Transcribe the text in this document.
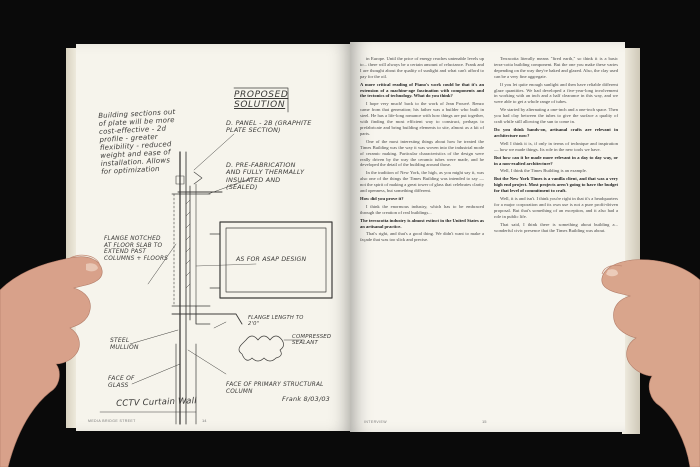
PROPOSED SOLUTION
Building sections out of plate will be more cost-effective - 2d profile - greater flexibility - reduced weight and ease of installation. Allows for optimization
D. PANEL - 2B (GRAPHITE PLATE SECTION)
D. PRE-FABRICATION AND FULLY THERMALLY INSULATED AND (SEALED)
FLANGE NOTCHED AT FLOOR SLAB TO EXTEND PAST COLUMNS + FLOORS	AS FOR ASAP DESIGN
FLANGE LENGTH TO 2'0"
COMPRESSED SEALANT
STEEL MULLION
FACE OF GLASS	FACE OF PRIMARY STRUCTURAL COLUMN
CCTV Curtain Wall	Frank 8/03/03
MEDIA BRIDGE STREET	14

in Europe. Until the price of energy reaches untenable levels up to... there will always be a certain amount of reluctance. Frank and I are thought about the quality of sunlight and what can't afford to pay for the oil.

A more critical reading of Piano's work could be that it's an extension of a machine-age fascination with components and the tectonics of technology. What do you think?

I hope very much! back to the work of Jean Prouvé. Renzo came from that generation; his father was a builder who built in steel. He has a life-long romance with how things are put together, with finding the most efficient way to construct, perhaps to prefabricate and bring building elements to site, almost as a kit of parts.

One of the most interesting things about how he treated the Times Building was the way it was woven into the industrial mode of ceramic making. Particular characteristics of the design were really driven by the way the ceramic tubes were made, and he developed the detail of the building around those.

In the tradition of New York, the high, as you might say it, was also one of the things the Times Building was intended to say — not the spirit of making a great tower of glass that celebrates clarity and openness, but something different.

How did you prove it?

I think the enormous industry, which has to be embraced through the creation of real buildings...

The terracotta industry is almost extinct in the United States as an artisanal practice.

That's right, and that's a good thing. We didn't want to make a façade that was too slick and precise.

Terracotta literally means "fired earth," so think it is a basic terra-cotta building component. But the one you make these varies depending on the way they're baked and glazed. Also, the clay used can be a very fine aggregate.

If you let quite enough sunlight and then have reliable different glaze quantities. We had developed a five-year-long involvement in working with an inch and a half clearance in this way, and we were able to get a whole range of tubes.

We started by alternating a one-inch and a one-inch space. Then you had clay between the tubes to give the surface a quality of craft while still allowing the sun to come in.

Do you think hands-on, artisanal crafts are relevant in architecture now?

Well I think it is, if only in terms of technique and inspiration — how we made things. Its role in the new tools we have.

But how can it be made more relevant in a day to day way, or in a non-exalted architecture?

Well, I think the Times Building is an example.

But the New York Times is a vanilla client, and that was a very high end project. Most projects aren't going to have the budget for that level of commitment to craft.

Well, it is and isn't. I think you're right in that it's a headquarters for a major corporation and its own use is not a pure profit-driven proposal. But that's something of an exception, and it also had a role in public life.

That said, I think there is something about building a... wonderful civic presence that the Times Building was about.

INTERVIEW	15
